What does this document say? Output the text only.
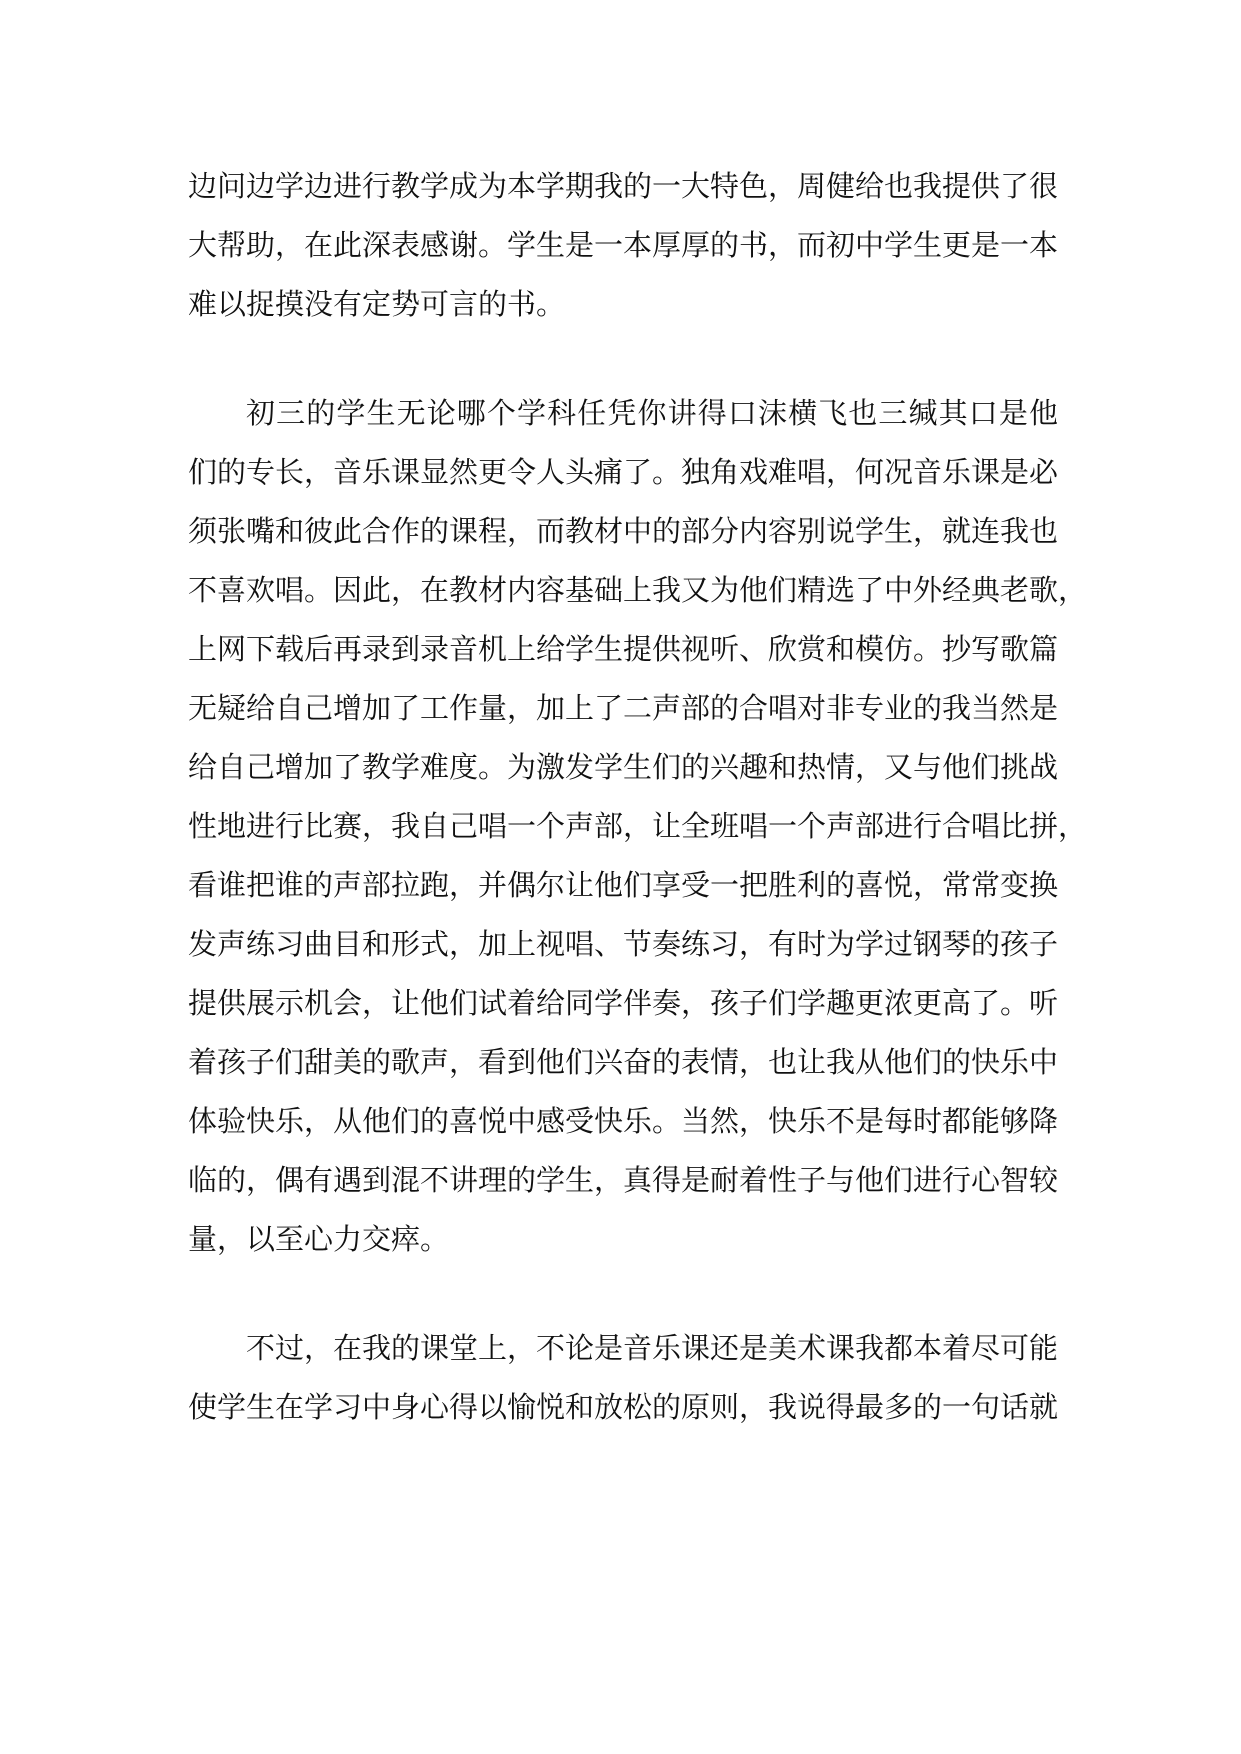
边问边学边进行教学成为本学期我的一大特色，周健给也我提供了很
大帮助，在此深表感谢。学生是一本厚厚的书，而初中学生更是一本
难以捉摸没有定势可言的书。
初三的学生无论哪个学科任凭你讲得口沫横飞也三缄其口是他
们的专长，音乐课显然更令人头痛了。独角戏难唱，何况音乐课是必
须张嘴和彼此合作的课程，而教材中的部分内容别说学生，就连我也
不喜欢唱。因此，在教材内容基础上我又为他们精选了中外经典老歌，
上网下载后再录到录音机上给学生提供视听、欣赏和模仿。抄写歌篇
无疑给自己增加了工作量，加上了二声部的合唱对非专业的我当然是
给自己增加了教学难度。为激发学生们的兴趣和热情，又与他们挑战
性地进行比赛，我自己唱一个声部，让全班唱一个声部进行合唱比拼，
看谁把谁的声部拉跑，并偶尔让他们享受一把胜利的喜悦，常常变换
发声练习曲目和形式，加上视唱、节奏练习，有时为学过钢琴的孩子
提供展示机会，让他们试着给同学伴奏，孩子们学趣更浓更高了。听
着孩子们甜美的歌声，看到他们兴奋的表情，也让我从他们的快乐中
体验快乐，从他们的喜悦中感受快乐。当然，快乐不是每时都能够降
临的，偶有遇到混不讲理的学生，真得是耐着性子与他们进行心智较
量，以至心力交瘁。
不过，在我的课堂上，不论是音乐课还是美术课我都本着尽可能
使学生在学习中身心得以愉悦和放松的原则，我说得最多的一句话就
